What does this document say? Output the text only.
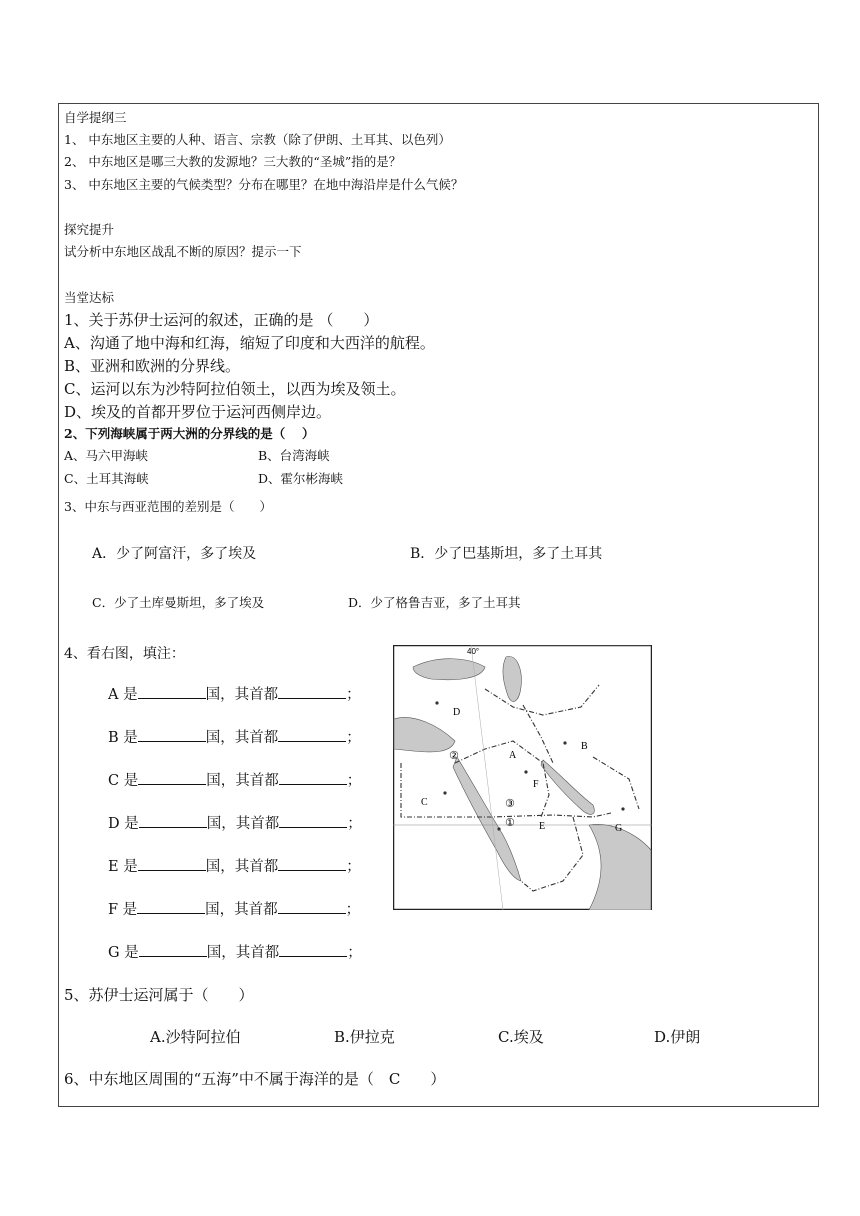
自学提纲三
1、 中东地区主要的人种、语言、宗教（除了伊朗、土耳其、以色列）
2、 中东地区是哪三大教的发源地？三大教的“圣城”指的是？
3、 中东地区主要的气候类型？分布在哪里？在地中海沿岸是什么气候？
探究提升
试分析中东地区战乱不断的原因？提示一下
当堂达标
1、关于苏伊士运河的叙述，正确的是 （　　）
A、沟通了地中海和红海，缩短了印度和大西洋的航程。
B、亚洲和欧洲的分界线。
C、运河以东为沙特阿拉伯领土，以西为埃及领土。
D、埃及的首都开罗位于运河西侧岸边。
2、下列海峡属于两大洲的分界线的是（　 ）
A、马六甲海峡	B、台湾海峡
C、土耳其海峡	D、霍尔彬海峡
3、中东与西亚范围的差别是（　　）
A．少了阿富汗，多了埃及	B．少了巴基斯坦，多了土耳其
C．少了土库曼斯坦，多了埃及	D．少了格鲁吉亚，多了土耳其
4、看右图，填注：
A 是	国，其首都	；
B 是	国，其首都	；
C 是	国，其首都	；
D 是	国，其首都	；
E 是	国，其首都	；
F 是	国，其首都	；
G 是	国，其首都	；
40°
D
A
B
C
F
E	G
②
③
①
5、苏伊士运河属于（　　）
A.沙特阿拉伯	B.伊拉克	C.埃及	D.伊朗
6、中东地区周围的“五海”中不属于海洋的是（　C　　）
